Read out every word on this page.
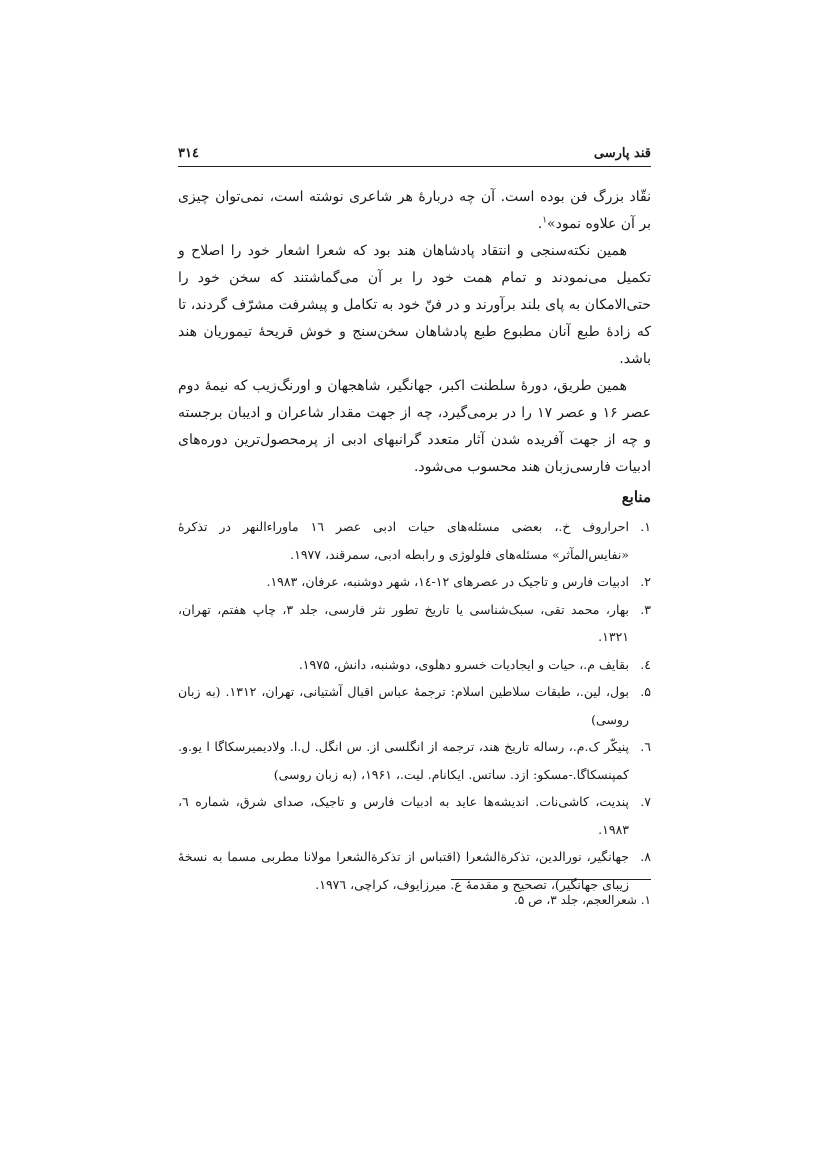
قند پارسی
۳۱٤

نقّاد بزرگ فن بوده است. آن چه دربارهٔ هر شاعری نوشته است، نمی‌توان چیزی بر آن علاوه نمود»$^۱$.

همین نکته‌سنجی و انتقاد پادشاهان هند بود که شعرا اشعار خود را اصلاح و تکمیل می‌نمودند و تمام همت خود را بر آن می‌گماشتند که سخن خود را حتی‌الامکان به پای بلند برآورند و در فنّ خود به تکامل و پیشرفت مشرّف گردند، تا که زادهٔ طبع آنان مطبوع طبع پادشاهان سخن‌سنج و خوش قریحهٔ تیموریان هند باشد.

همین طریق، دورهٔ سلطنت اکبر، جهانگیر، شاهجهان و اورنگ‌زیب که نیمهٔ دوم عصر ۱۶ و عصر ۱۷ را در برمی‌گیرد، چه از جهت مقدار شاعران و ادیبان برجسته و چه از جهت آفریده شدن آثار متعدد گرانبهای ادبی از پرمحصول‌ترین دوره‌های ادبیات فارسی‌زبان هند محسوب می‌شود.

منابع
۱.
احراروف خ.، بعضی مسئله‌های حیات ادبی عصر ۱٦ ماوراءالنهر در تذکرهٔ «نفایس‌المآثر» مسئله‌های فلولوژی و رابطه ادبی، سمرقند، ۱۹۷۷.
۲.
ادبیات فارس و تاجیک در عصرهای ۱۲-۱٤، شهر دوشنبه، عرفان، ۱۹۸۳.
۳.
بهار، محمد تقی، سبک‌شناسی یا تاریخ تطور نثر فارسی، جلد ۳، چاپ هفتم، تهران، ۱۳۲۱.
٤.
بقایف م.، حیات و ایجادیات خسرو دهلوی، دوشنبه، دانش، ۱۹۷۵.
۵.
بول، لین.، طبقات سلاطین اسلام: ترجمهٔ عباس اقبال آشتیانی، تهران، ۱۳۱۲. (به زبان روسی)
٦.
پنیکّر ک.م.، رساله تاریخ هند، ترجمه از انگلسی از. س انگل. ل.ا. ولادیمیرسکاگا ا یو.و. کمپنسکاگا.-مسکو: ازد. ساتس. ایکانام. لیت.، ۱۹۶۱، (به زبان روسی)
۷.
پندیت، کاشی‌نات. اندیشه‌ها عاید به ادبیات فارس و تاجیک، صدای شرق، شماره ٦، ۱۹۸۳.
۸.
جهانگیر، نورالدین، تذکرةالشعرا (اقتباس از تذکرةالشعرا مولانا مطربی مسما به نسخهٔ زیبای جهانگیر)، تصحیح و مقدمهٔ ع. میرزایوف، کراچی، ۱۹۷٦.

۱. شعرالعجم، جلد ۳، ص ۵.
